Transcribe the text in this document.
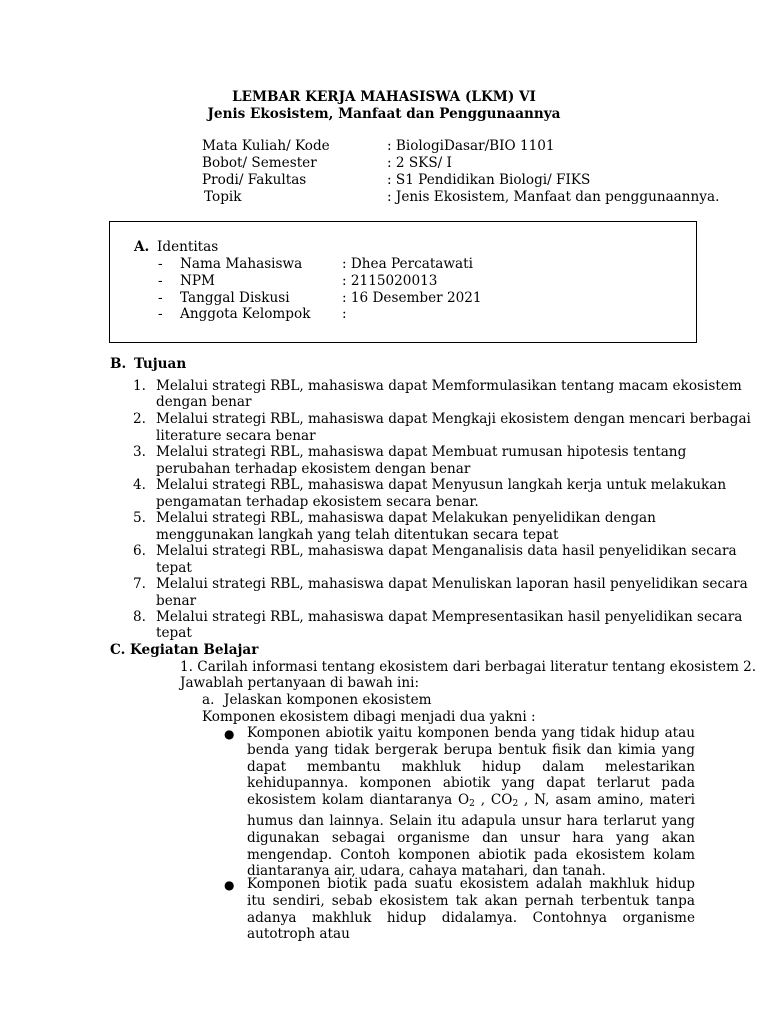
LEMBAR KERJA MAHASISWA (LKM) VI
Jenis Ekosistem, Manfaat dan Penggunaannya
Mata Kuliah/ Kode	: BiologiDasar/BIO 1101
Bobot/ Semester	: 2 SKS/ I
Prodi/ Fakultas	: S1 Pendidikan Biologi/ FIKS
Topik	: Jenis Ekosistem, Manfaat dan penggunaannya.
A. Identitas
- Nama Mahasiswa	: Dhea Percatawati
- NPM	: 2115020013
- Tanggal Diskusi	: 16 Desember 2021
- Anggota Kelompok :
B. Tujuan
1. Melalui strategi RBL, mahasiswa dapat Memformulasikan tentang macam ekosistem
dengan benar
2. Melalui strategi RBL, mahasiswa dapat Mengkaji ekosistem dengan mencari berbagai
literature secara benar
3. Melalui strategi RBL, mahasiswa dapat Membuat rumusan hipotesis tentang
perubahan terhadap ekosistem dengan benar
4. Melalui strategi RBL, mahasiswa dapat Menyusun langkah kerja untuk melakukan
pengamatan terhadap ekosistem secara benar.
5. Melalui strategi RBL, mahasiswa dapat Melakukan penyelidikan dengan
menggunakan langkah yang telah ditentukan secara tepat
6. Melalui strategi RBL, mahasiswa dapat Menganalisis data hasil penyelidikan secara
tepat
7. Melalui strategi RBL, mahasiswa dapat Menuliskan laporan hasil penyelidikan secara
benar
8. Melalui strategi RBL, mahasiswa dapat Mempresentasikan hasil penyelidikan secara
tepat
C. Kegiatan Belajar
1. Carilah informasi tentang ekosistem dari berbagai literatur tentang ekosistem 2.
Jawablah pertanyaan di bawah ini:
a. Jelaskan komponen ekosistem
Komponen ekosistem dibagi menjadi dua yakni :
● Komponen abiotik yaitu komponen benda yang tidak hidup atau benda yang tidak bergerak berupa bentuk fisik dan kimia yang dapat membantu makhluk hidup dalam melestarikan kehidupannya. komponen abiotik yang dapat terlarut pada ekosistem kolam diantaranya $O_2$ , $CO_2$ , N, asam amino, materi humus dan lainnya. Selain itu adapula unsur hara terlarut yang digunakan sebagai organisme dan unsur hara yang akan mengendap. Contoh komponen abiotik pada ekosistem kolam diantaranya air, udara, cahaya matahari, dan tanah.
● Komponen biotik pada suatu ekosistem adalah makhluk hidup itu sendiri, sebab ekosistem tak akan pernah terbentuk tanpa adanya makhluk hidup didalamya. Contohnya organisme autotroph atau
